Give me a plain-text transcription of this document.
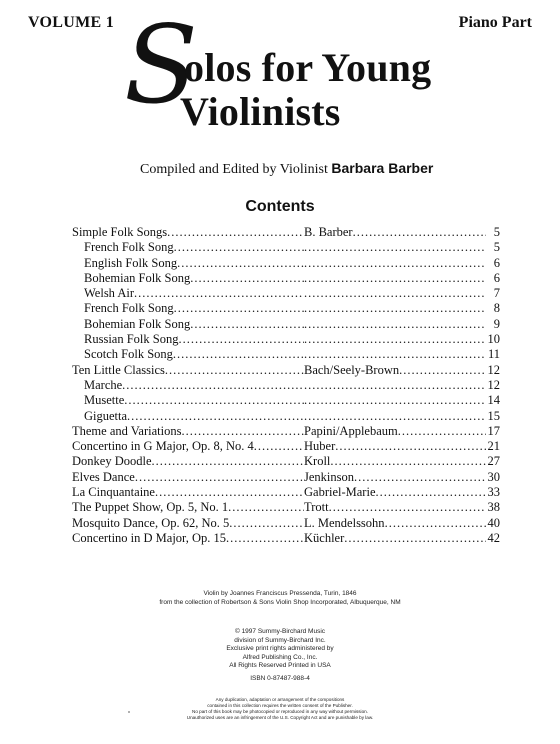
VOLUME 1	Piano Part
S
olos for Young
Violinists
Compiled and Edited by Violinist Barbara Barber
Contents
Simple Folk Songs .....	B. Barber .....	5
French Folk Song ..... .....	5
English Folk Song ..... .....	6
Bohemian Folk Song ..... .....	6
Welsh Air ..... .....	7
French Folk Song ..... .....	8
Bohemian Folk Song ..... .....	9
Russian Folk Song ..... .....	10
Scotch Folk Song ..... .....	11
Ten Little Classics .....	Bach/Seely-Brown .....	12
Marche ..... .....	12
Musette ..... .....	14
Giguetta ..... .....	15
Theme and Variations .....	Papini/Applebaum .....	17
Concertino in G Major, Op. 8, No. 4 .....	Huber .....	21
Donkey Doodle .....	Kroll .....	27
Elves Dance .....	Jenkinson .....	30
La Cinquantaine .....	Gabriel-Marie .....	33
The Puppet Show, Op. 5, No. 1 .....	Trott .....	38
Mosquito Dance, Op. 62, No. 5 .....	L. Mendelssohn .....	40
Concertino in D Major, Op. 15 .....	Küchler .....	42
Violin by Joannes Franciscus Pressenda, Turin, 1846
from the collection of Robertson & Sons Violin Shop Incorporated, Albuquerque, NM
© 1997 Summy-Birchard Music
division of Summy-Birchard Inc.
Exclusive print rights administered by
Alfred Publishing Co., Inc.
All Rights Reserved Printed in USA
ISBN 0-87487-988-4
Any duplication, adaptation or arrangement of the compositions
contained in this collection requires the written consent of the Publisher.
No part of this book may be photocopied or reproduced in any way without permission.
Unauthorized uses are an infringement of the U.S. Copyright Act and are punishable by law.
